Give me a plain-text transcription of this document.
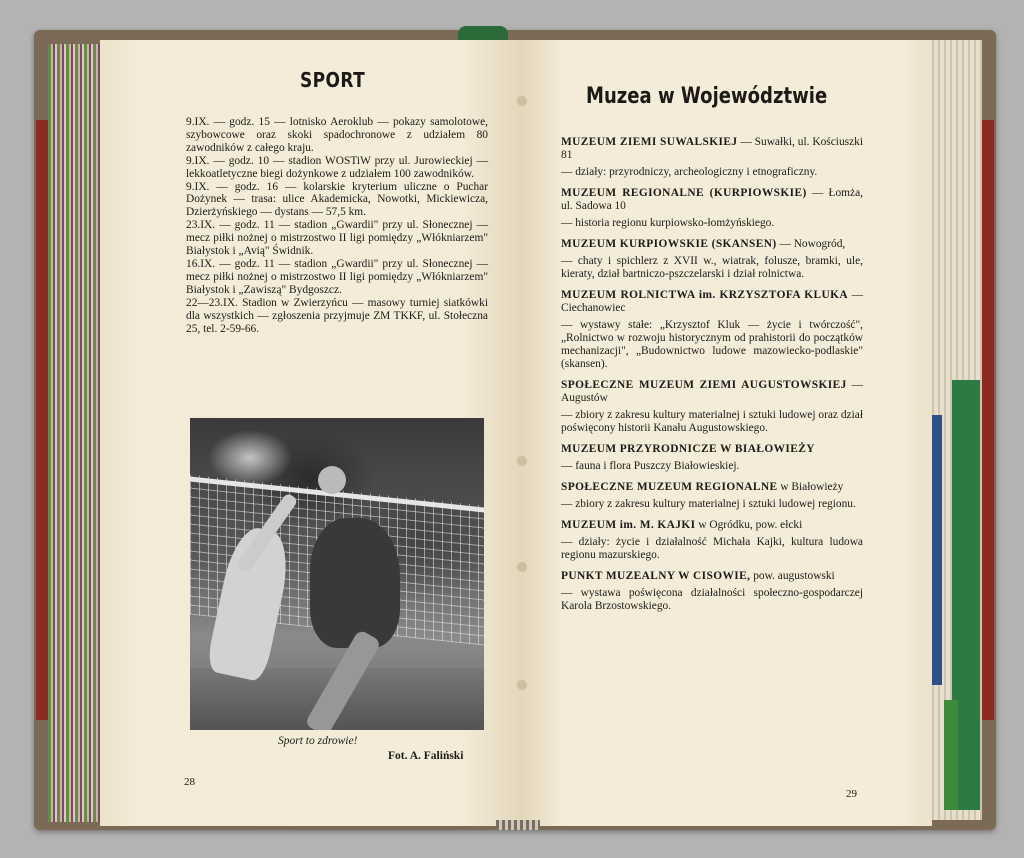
SPORT

9.IX. — godz. 15 — lotnisko Aeroklub — pokazy samolotowe, szybowcowe oraz skoki spadochronowe z udziałem 80 zawodników z całego kraju.

9.IX. — godz. 10 — stadion WOSTiW przy ul. Jurowieckiej — lekkoatletyczne biegi dożynkowe z udziałem 100 zawodników.

9.IX. — godz. 16 — kolarskie kryterium uliczne o Puchar Dożynek — trasa: ulice Akademicka, Nowotki, Mickiewicza, Dzierżyńskiego — dystans — 57,5 km.

23.IX. — godz. 11 — stadion „Gwardii" przy ul. Słonecznej — mecz piłki nożnej o mistrzostwo II ligi pomiędzy „Włókniarzem" Białystok i „Avią" Świdnik.

16.IX. — godz. 11 — stadion „Gwardii" przy ul. Słonecznej — mecz piłki nożnej o mistrzostwo II ligi pomiędzy „Włókniarzem" Białystok i „Zawiszą" Bydgoszcz.

22—23.IX. Stadion w Zwierzyńcu — masowy turniej siatkówki dla wszystkich — zgłoszenia przyjmuje ZM TKKF, ul. Stołeczna 25, tel. 2-59-66.

Sport to zdrowie!
Fot. A. Faliński
28
Muzea w Województwie
MUZEUM ZIEMI SUWALSKIEJ — Suwałki, ul. Kościuszki 81
— działy: przyrodniczy, archeologiczny i etnograficzny.
MUZEUM REGIONALNE (KURPIOWSKIE) — Łomża, ul. Sadowa 10
— historia regionu kurpiowsko-łomżyńskiego.
MUZEUM KURPIOWSKIE (SKANSEN) — Nowogród,
— chaty i spichlerz z XVII w., wiatrak, folusze, bramki, ule, kieraty, dział bartniczo-pszczelarski i dział rolnictwa.
MUZEUM ROLNICTWA im. KRZYSZTOFA KLUKA — Ciechanowiec
— wystawy stałe: „Krzysztof Kluk — życie i twórczość", „Rolnictwo w rozwoju historycznym od prahistorii do początków mechanizacji", „Budownictwo ludowe mazowiecko-podlaskie" (skansen).
SPOŁECZNE MUZEUM ZIEMI AUGUSTOWSKIEJ — Augustów
— zbiory z zakresu kultury materialnej i sztuki ludowej oraz dział poświęcony historii Kanału Augustowskiego.
MUZEUM PRZYRODNICZE W BIAŁOWIEŻY
— fauna i flora Puszczy Białowieskiej.
SPOŁECZNE MUZEUM REGIONALNE w Białowieży
— zbiory z zakresu kultury materialnej i sztuki ludowej regionu.
MUZEUM im. M. KAJKI w Ogródku, pow. ełcki
— działy: życie i działalność Michała Kajki, kultura ludowa regionu mazurskiego.
PUNKT MUZEALNY W CISOWIE, pow. augustowski
— wystawa poświęcona działalności społeczno-gospodarczej Karola Brzostowskiego.
29
